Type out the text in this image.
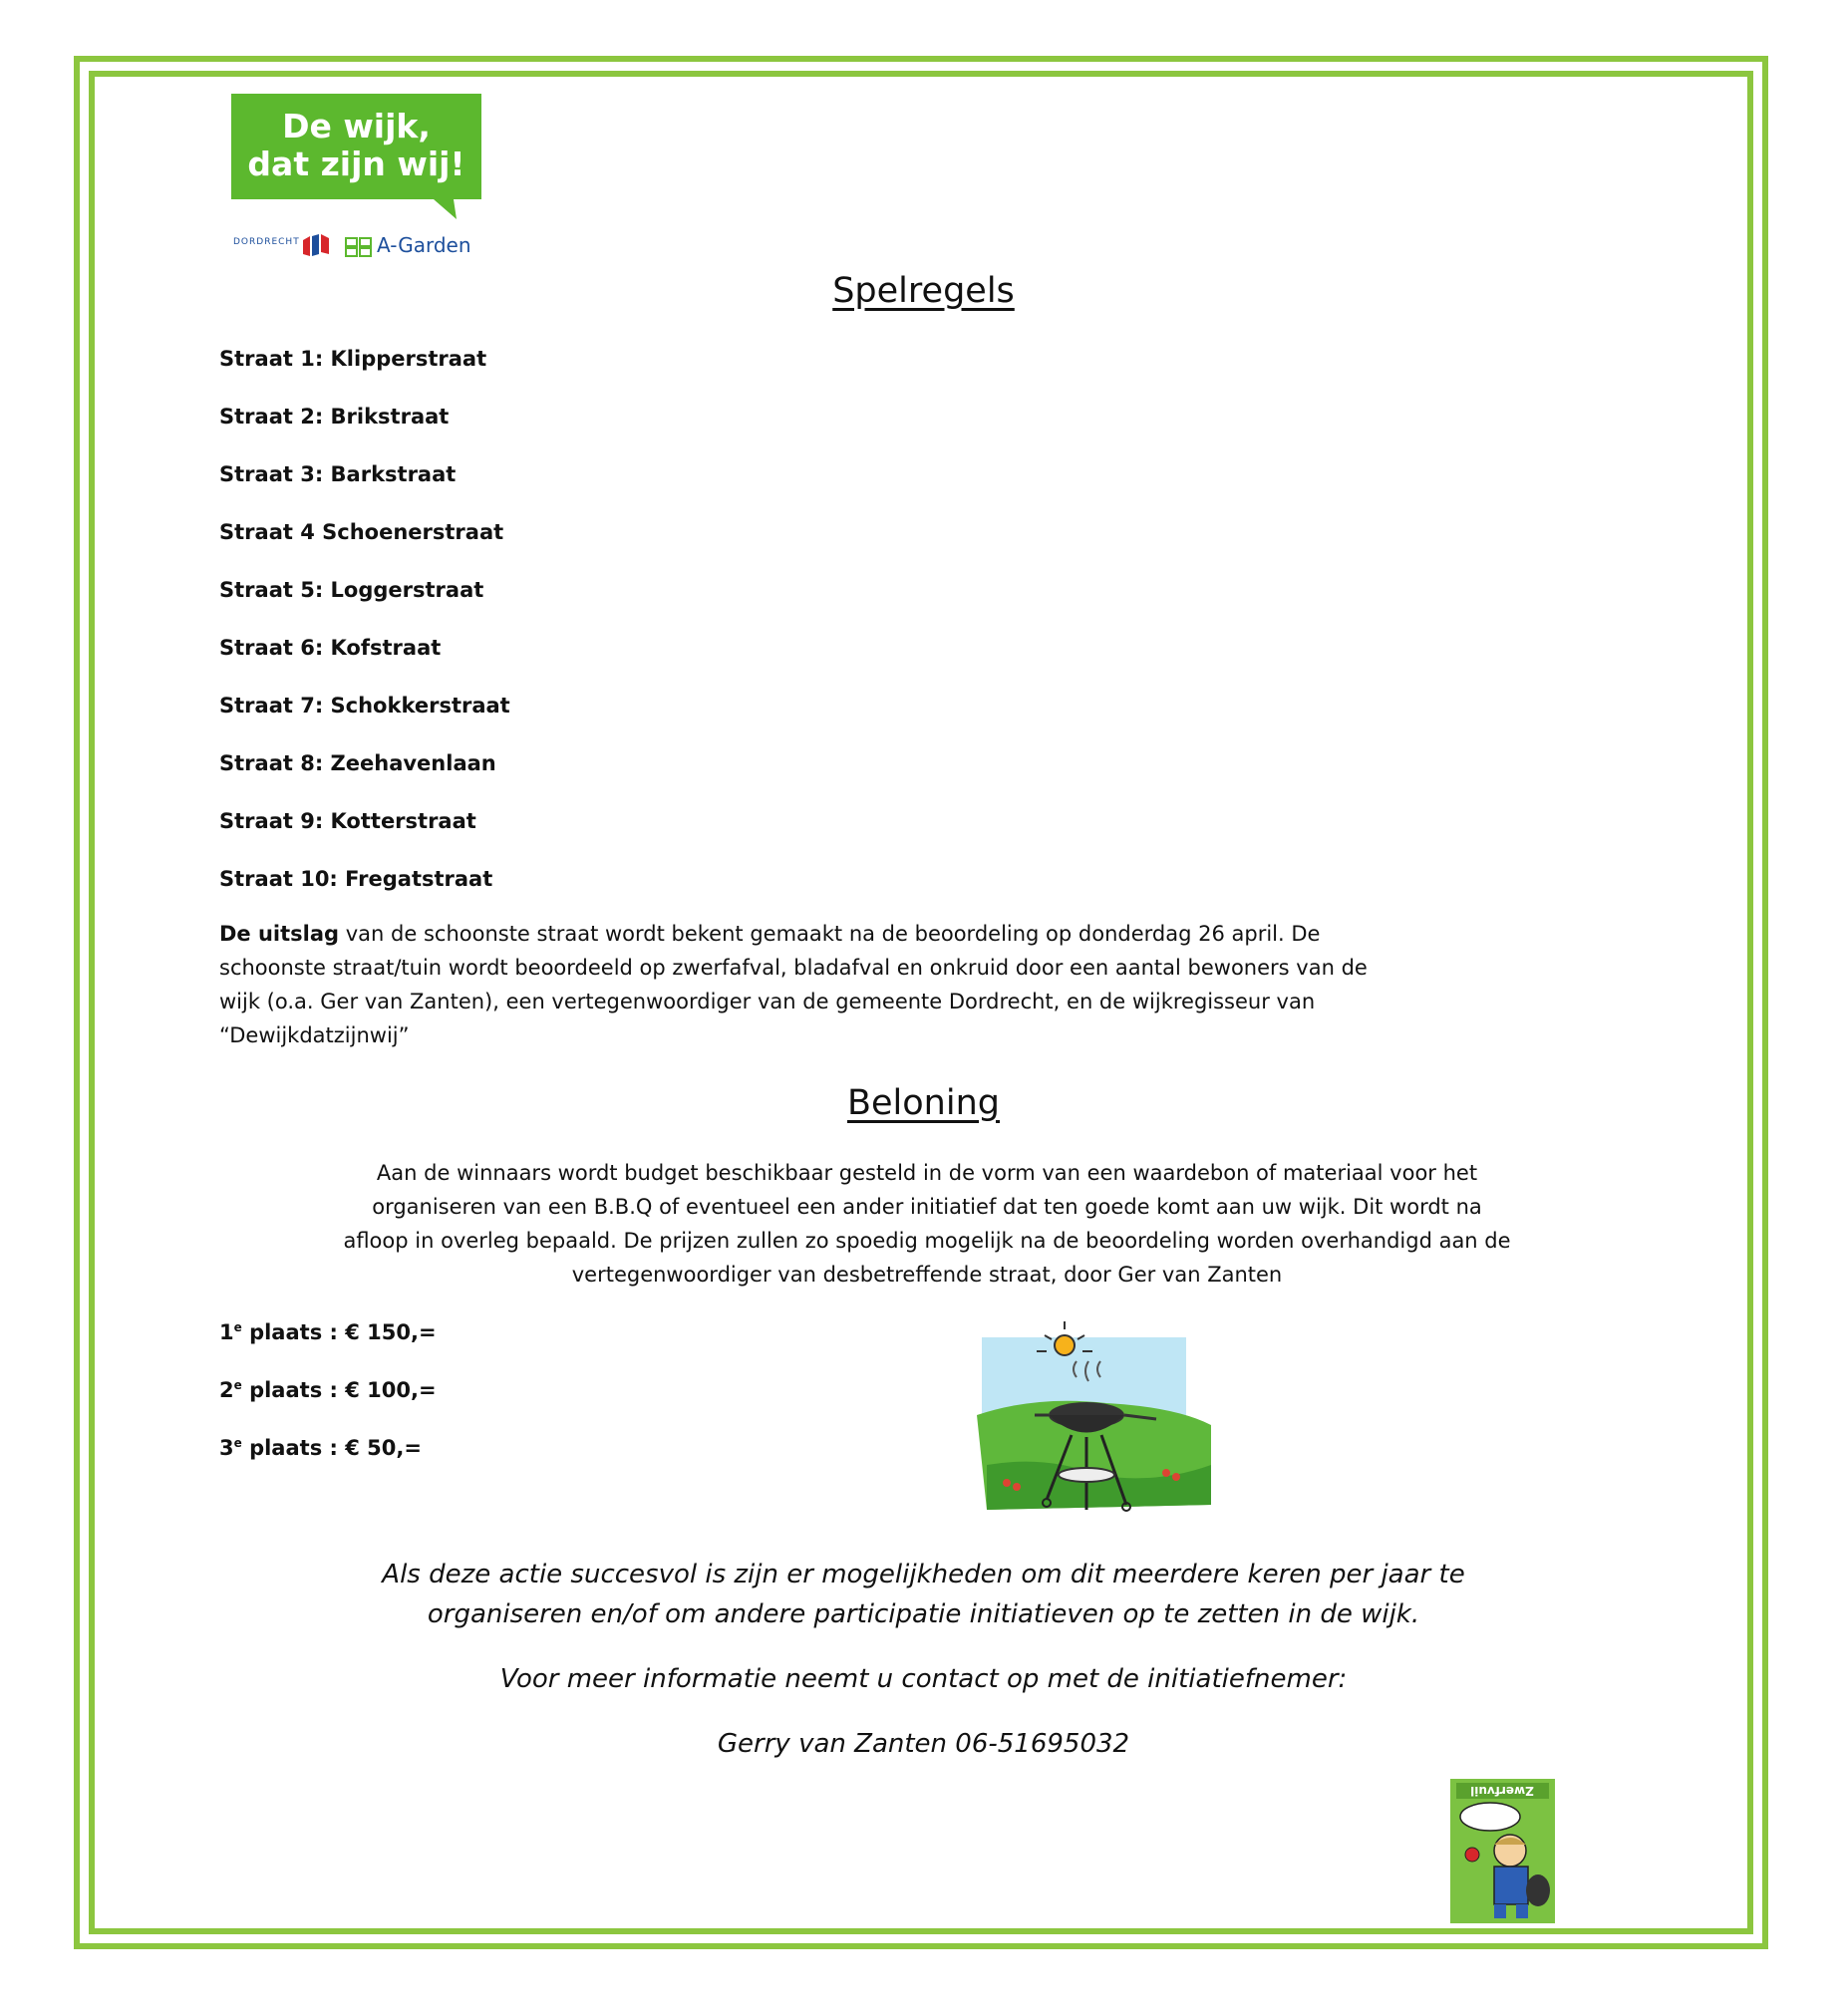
De wijk,
dat zijn wij!
DORDRECHT	A-Garden
Spelregels
Straat 1: Klipperstraat
Straat 2: Brikstraat
Straat 3: Barkstraat
Straat 4 Schoenerstraat
Straat 5: Loggerstraat
Straat 6: Kofstraat
Straat 7: Schokkerstraat
Straat 8: Zeehavenlaan
Straat 9: Kotterstraat
Straat 10: Fregatstraat
De uitslag van de schoonste straat wordt bekent gemaakt na de beoordeling op donderdag 26 april. De
schoonste straat/tuin wordt beoordeeld op zwerfafval, bladafval en onkruid door een aantal bewoners van de
wijk (o.a. Ger van Zanten), een vertegenwoordiger van de gemeente Dordrecht, en de wijkregisseur van
“Dewijkdatzijnwij”
Beloning
Aan de winnaars wordt budget beschikbaar gesteld in de vorm van een waardebon of materiaal voor het
organiseren van een B.B.Q of eventueel een ander initiatief dat ten goede komt aan uw wijk. Dit wordt na
afloop in overleg bepaald. De prijzen zullen zo spoedig mogelijk na de beoordeling worden overhandigd aan de
vertegenwoordiger van desbetreffende straat, door Ger van Zanten
1e plaats : € 150,=
$2^e$ plaats : € 100,=
$3^e$ plaats : € 50,=
Als deze actie succesvol is zijn er mogelijkheden om dit meerdere keren per jaar te
organiseren en/of om andere participatie initiatieven op te zetten in de wijk.
Voor meer informatie neemt u contact op met de initiatiefnemer:
Gerry van Zanten 06-51695032
Zwerfvuil
